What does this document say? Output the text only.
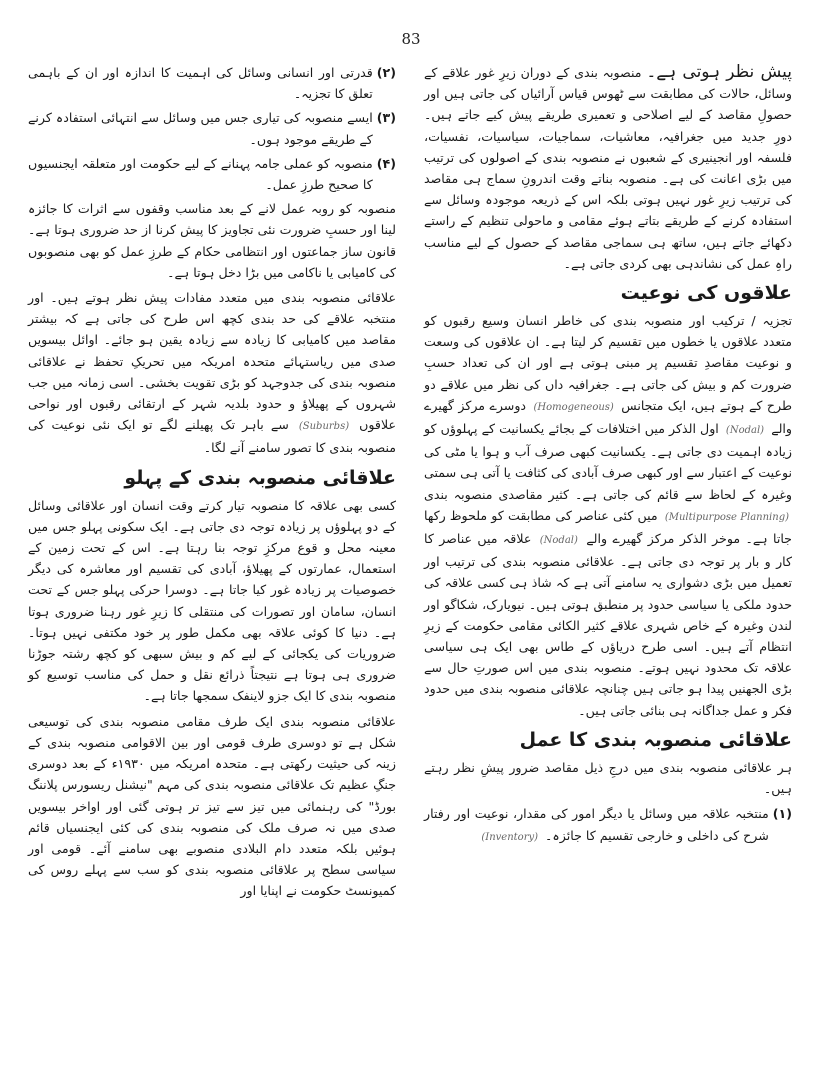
83

پیش نظر ہوتی ہے۔ منصوبہ بندی کے دوران زیرِ غور علاقے کے وسائل، حالات کی مطابقت سے ٹھوس قیاس آرائیاں کی جاتی ہیں اور حصولِ مقاصد کے لیے اصلاحی و تعمیری طریقے پیش کیے جاتے ہیں۔ دورِ جدید میں جغرافیہ، معاشیات، سماجیات، سیاسیات، نفسیات، فلسفہ اور انجینیری کے شعبوں نے منصوبہ بندی کے اصولوں کی ترتیب میں بڑی اعانت کی ہے۔ منصوبہ بناتے وقت اندرونِ سماج ہی مقاصد کی ترتیب زیرِ غور نہیں ہوتی بلکہ اس کے ذریعہ موجودہ وسائل سے استفادہ کرنے کے طریقے بتاتے ہوئے مقامی و ماحولی تنظیم کے راستے دکھائے جاتے ہیں، ساتھ ہی سماجی مقاصد کے حصول کے لیے مناسب راہِ عمل کی نشاندہی بھی کردی جاتی ہے۔

علاقوں کی نوعیت

تجزیہ / ترکیب اور منصوبہ بندی کی خاطر انسان وسیع رقبوں کو متعدد علاقوں یا خطوں میں تقسیم کر لیتا ہے۔ ان علاقوں کی وسعت و نوعیت مقاصدِ تقسیم پر مبنی ہوتی ہے اور ان کی تعداد حسبِ ضرورت کم و بیش کی جاتی ہے۔ جغرافیہ داں کی نظر میں علاقے دو طرح کے ہوتے ہیں، ایک متجانس (Homogeneous) دوسرے مرکز گھیرے والے (Nodal) اول الذکر میں اختلافات کے بجائے یکسانیت کے پہلوؤں کو زیادہ اہمیت دی جاتی ہے۔ یکسانیت کبھی صرف آب و ہوا یا مٹی کی نوعیت کے اعتبار سے اور کبھی صرف آبادی کی کثافت یا آتی ہی سمتی وغیرہ کے لحاظ سے قائم کی جاتی ہے۔ کثیر مقاصدی منصوبہ بندی (Multipurpose Planning) میں کئی عناصر کی مطابقت کو ملحوظ رکھا جاتا ہے۔ موخر الذکر مرکز گھیرے والے (Nodal) علاقہ میں عناصر کا کار و بار پر توجہ دی جاتی ہے۔ علاقائی منصوبہ بندی کی ترتیب اور تعمیل میں بڑی دشواری یہ سامنے آتی ہے کہ شاذ ہی کسی علاقہ کی حدود ملکی یا سیاسی حدود پر منطبق ہوتی ہیں۔ نیویارک، شکاگو اور لندن وغیرہ کے خاص شہری علاقے کثیر الکائی مقامی حکومت کے زیرِ انتظام آتے ہیں۔ اسی طرح دریاؤں کے طاس بھی ایک ہی سیاسی علاقہ تک محدود نہیں ہوتے۔ منصوبہ بندی میں اس صورتِ حال سے بڑی الجھنیں پیدا ہو جاتی ہیں چنانچہ علاقائی منصوبہ بندی میں حدود فکر و عمل جداگانہ ہی بنائی جاتی ہیں۔

علاقائی منصوبہ بندی کا عمل

ہر علاقائی منصوبہ بندی میں درجِ ذیل مقاصد ضرور پیشِ نظر رہتے ہیں۔

(۱)
منتخبہ علاقہ میں وسائل یا دیگر امور کی مقدار، نوعیت اور رفتار شرح کی داخلی و خارجی تقسیم کا جائزہ۔ (Inventory)
(۲)
قدرتی اور انسانی وسائل کی اہمیت کا اندازہ اور ان کے باہمی تعلق کا تجزیہ۔
(۳)
ایسے منصوبہ کی تیاری جس میں وسائل سے انتہائی استفادہ کرنے کے طریقے موجود ہوں۔
(۴)
منصوبہ کو عملی جامہ پہنانے کے لیے حکومت اور متعلقہ ایجنسیوں کا صحیح طرزِ عمل۔

منصوبہ کو روبہ عمل لانے کے بعد مناسب وقفوں سے اثرات کا جائزہ لینا اور حسبِ ضرورت نئی تجاویز کا پیش کرنا از حد ضروری ہوتا ہے۔ قانون ساز جماعتوں اور انتظامی حکام کے طرزِ عمل کو بھی منصوبوں کی کامیابی یا ناکامی میں بڑا دخل ہوتا ہے۔

علاقائی منصوبہ بندی میں متعدد مفادات پیش نظر ہوتے ہیں۔ اور منتخبہ علاقے کی حد بندی کچھ اس طرح کی جاتی ہے کہ بیشتر مقاصد میں کامیابی کا زیادہ سے زیادہ یقین ہو جائے۔ اوائل بیسویں صدی میں ریاستہائے متحدہ امریکہ میں تحریکِ تحفظ نے علاقائی منصوبہ بندی کی جدوجہد کو بڑی تقویت بخشی۔ اسی زمانہ میں جب شہروں کے پھیلاؤ و حدود بلدیہ شہر کے ارتقائی رقبوں اور نواحی علاقوں (Suburbs) سے باہر تک پھیلنے لگے تو ایک نئی نوعیت کی منصوبہ بندی کا تصور سامنے آنے لگا۔

علاقائی منصوبہ بندی کے پہلو

کسی بھی علاقہ کا منصوبہ تیار کرتے وقت انسان اور علاقائی وسائل کے دو پہلوؤں پر زیادہ توجہ دی جاتی ہے۔ ایک سکونی پہلو جس میں معینہ محل و قوع مرکزِ توجہ بنا رہتا ہے۔ اس کے تحت زمین کے استعمال، عمارتوں کے پھیلاؤ، آبادی کی تقسیم اور معاشرہ کی دیگر خصوصیات پر زیادہ غور کیا جاتا ہے۔ دوسرا حرکی پہلو جس کے تحت انسان، سامان اور تصورات کی منتقلی کا زیرِ غور رہنا ضروری ہوتا ہے۔ دنیا کا کوئی علاقہ بھی مکمل طور پر خود مکتفی نہیں ہوتا۔ ضروریات کی یکجائی کے لیے کم و بیش سبھی کو کچھ رشتہ جوڑنا ضروری ہی ہوتا ہے نتیجتاً ذرائع نقل و حمل کی مناسب توسیع کو منصوبہ بندی کا ایک جزو لاینفک سمجھا جاتا ہے۔

علاقائی منصوبہ بندی ایک طرف مقامی منصوبہ بندی کی توسیعی شکل ہے تو دوسری طرف قومی اور بین الاقوامی منصوبہ بندی کے زینہ کی حیثیت رکھتی ہے۔ متحدہ امریکہ میں ۱۹۳۰ء کے بعد دوسری جنگِ عظیم تک علاقائی منصوبہ بندی کی مہم "نیشنل ریسورس پلاننگ بورڈ" کی رہنمائی میں تیز سے تیز تر ہوتی گئی اور اواخر بیسویں صدی میں نہ صرف ملک کی منصوبہ بندی کی کئی ایجنسیاں قائم ہوئیں بلکہ متعدد دام البلادی منصوبے بھی سامنے آئے۔ قومی اور سیاسی سطح پر علاقائی منصوبہ بندی کو سب سے پہلے روس کی کمیونسٹ حکومت نے اپنایا اور
